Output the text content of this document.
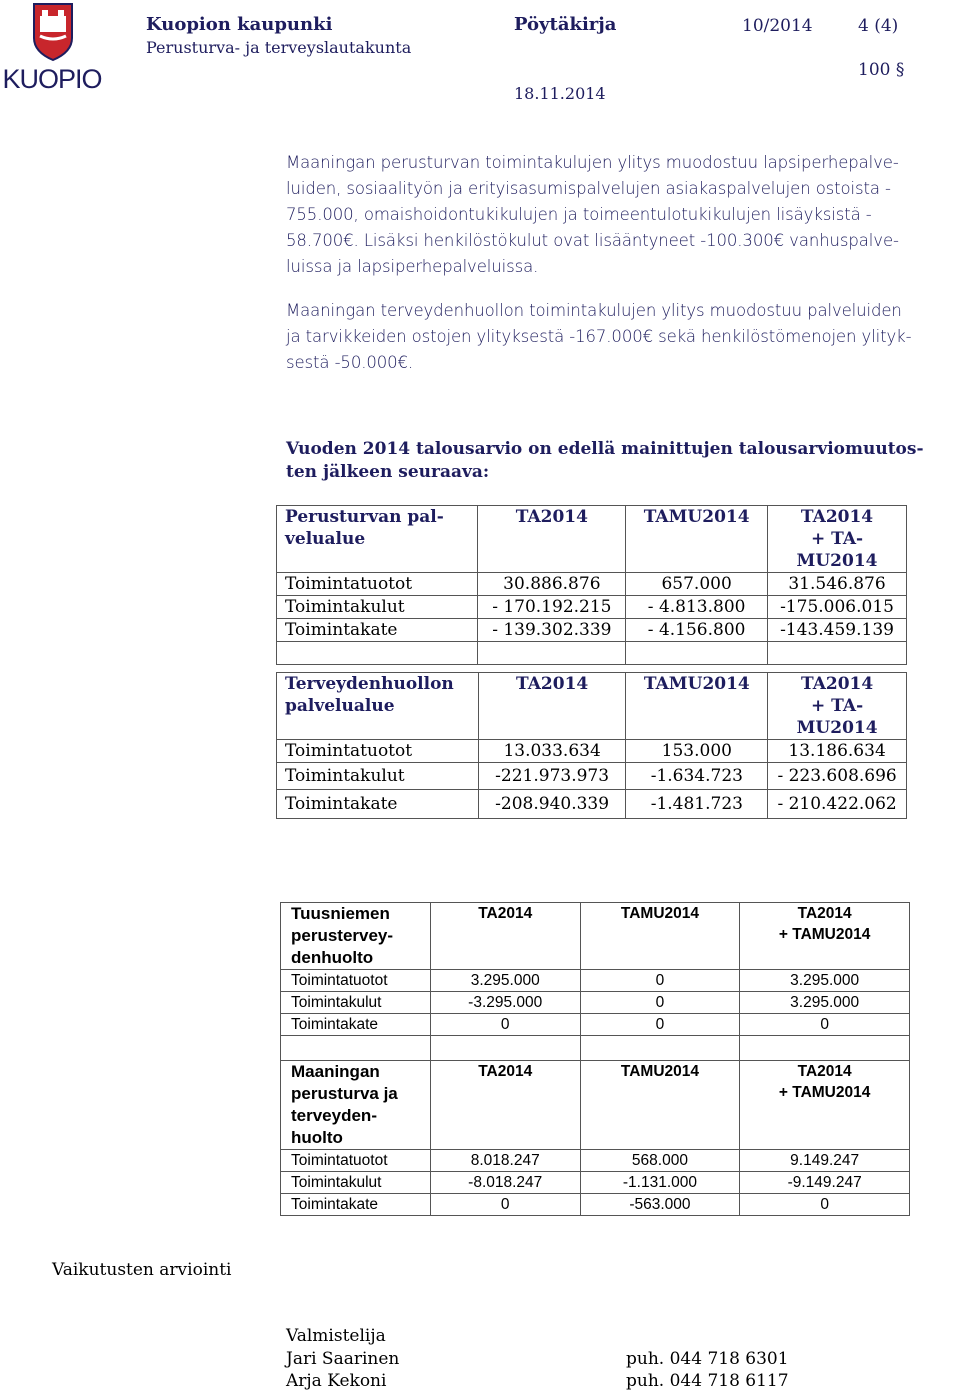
KUOPIO
Kuopion kaupunki
Perusturva- ja terveyslautakunta
Pöytäkirja	10/2014	4 (4)
100 §
18.11.2014

Maaningan perusturvan toimintakulujen ylitys muodostuu lapsiperhepalve-

luiden, sosiaalityön ja erityisasumispalvelujen asiakaspalvelujen ostoista -

755.000, omaishoidontukikulujen ja toimeentulotukikulujen lisäyksistä -

58.700€. Lisäksi henkilöstökulut ovat lisääntyneet -100.300€ vanhuspalve-

luissa ja lapsiperhepalveluissa.

Maaningan terveydenhuollon toimintakulujen ylitys muodostuu palveluiden

ja tarvikkeiden ostojen ylityksestä -167.000€ sekä henkilöstömenojen ylityk-

sestä -50.000€.

Vuoden 2014 talousarvio on edellä mainittujen talousarviomuutos-
ten jälkeen seuraava:
Perusturvan pal-
velualue	TA2014	TAMU2014	TA2014
+ TA-
MU2014
Toimintatuotot	30.886.876	657.000	31.546.876
Toimintakulut	- 170.192.215	- 4.813.800	-175.006.015
Toimintakate	- 139.302.339	- 4.156.800	-143.459.139

Terveydenhuollon
palvelualue	TA2014	TAMU2014	TA2014
+ TA-
MU2014
Toimintatuotot	13.033.634	153.000	13.186.634
Toimintakulut	-221.973.973	-1.634.723	- 223.608.696
Toimintakate	-208.940.339	-1.481.723	- 210.422.062
Tuusniemen
perustervey-
denhuolto	TA2014	TAMU2014	TA2014
+ TAMU2014
Toimintatuotot	3.295.000	0	3.295.000
Toimintakulut	-3.295.000	0	3.295.000
Toimintakate	0	0	0

Maaningan
perusturva ja
terveyden-
huolto	TA2014	TAMU2014	TA2014
+ TAMU2014
Toimintatuotot	8.018.247	568.000	9.149.247
Toimintakulut	-8.018.247	-1.131.000	-9.149.247
Toimintakate	0	-563.000	0
Vaikutusten arviointi
Valmistelija
Jari Saarinen	puh. 044 718 6301
Arja Kekoni	puh. 044 718 6117
